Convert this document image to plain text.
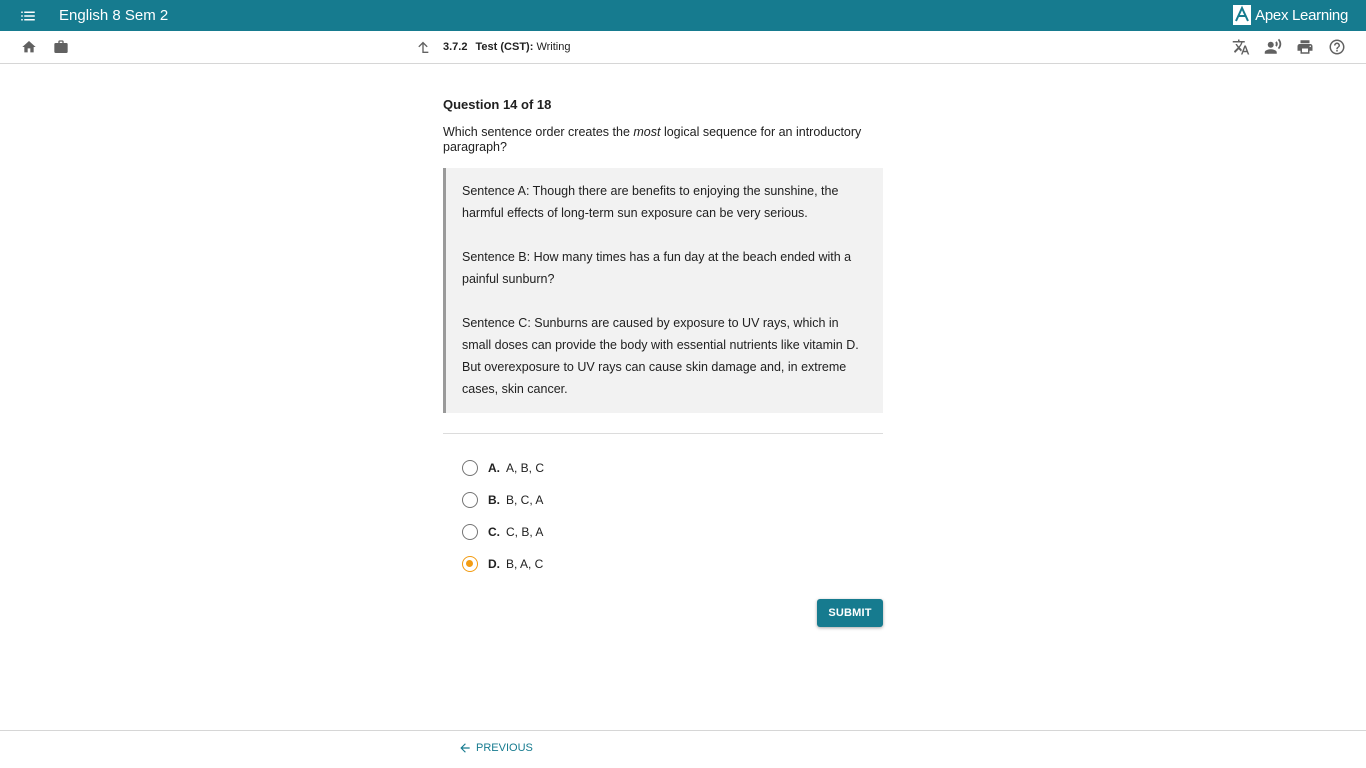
English 8 Sem 2	Apex Learning
3.7.2 Test (CST): Writing
Question 14 of 18
Which sentence order creates the most logical sequence for an introductory paragraph?

Sentence A: Though there are benefits to enjoying the sunshine, the harmful effects of long-term sun exposure can be very serious.

Sentence B: How many times has a fun day at the beach ended with a painful sunburn?

Sentence C: Sunburns are caused by exposure to UV rays, which in small doses can provide the body with essential nutrients like vitamin D. But overexposure to UV rays can cause skin damage and, in extreme cases, skin cancer.

A. A, B, C
B. B, C, A
C. C, B, A
D. B, A, C
SUBMIT
PREVIOUS
